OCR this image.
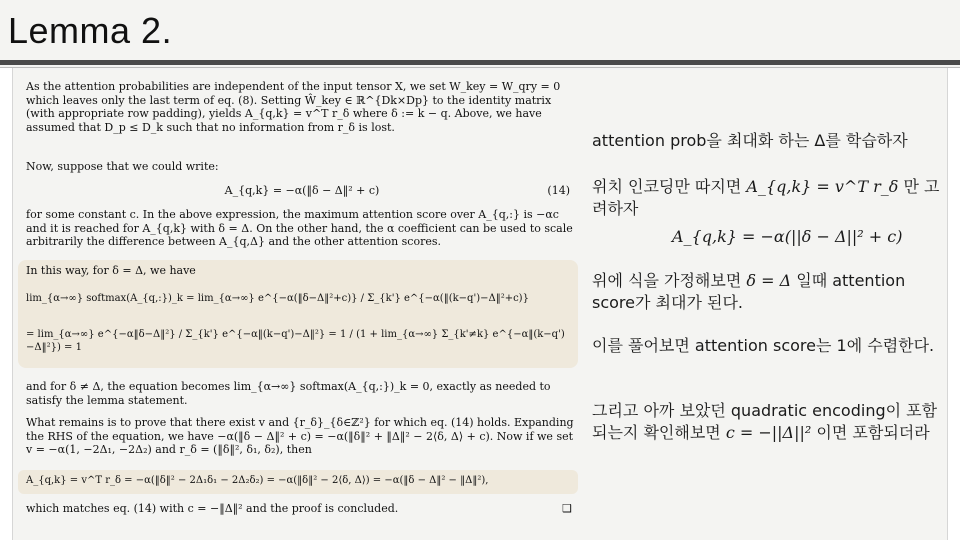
Lemma 2.

As the attention probabilities are independent of the input tensor X, we set W_key = W_qry = 0 which leaves only the last term of eq. (8). Setting Ŵ_key ∈ ℝ^{Dk×Dp} to the identity matrix (with appropriate row padding), yields A_{q,k} = v^T r_δ where δ := k − q. Above, we have assumed that D_p ≤ D_k such that no information from r_δ is lost.

Now, suppose that we could write:

A_{q,k} = −α(‖δ − Δ‖² + c)	(14)

for some constant c. In the above expression, the maximum attention score over A_{q,:} is −αc and it is reached for A_{q,k} with δ = Δ. On the other hand, the α coefficient can be used to scale arbitrarily the difference between A_{q,Δ} and the other attention scores.

In this way, for δ = Δ, we have

lim_{α→∞} softmax(A_{q,:})_k = lim_{α→∞} e^{−α(‖δ−Δ‖²+c)} / Σ_{k'} e^{−α(‖(k−q')−Δ‖²+c)}
= lim_{α→∞} e^{−α‖δ−Δ‖²} / Σ_{k'} e^{−α‖(k−q')−Δ‖²} = 1 / (1 + lim_{α→∞} Σ_{k'≠k} e^{−α‖(k−q')−Δ‖²}) = 1

and for δ ≠ Δ, the equation becomes lim_{α→∞} softmax(A_{q,:})_k = 0, exactly as needed to satisfy the lemma statement.

What remains is to prove that there exist v and {r_δ}_{δ∈ℤ²} for which eq. (14) holds. Expanding the RHS of the equation, we have −α(‖δ − Δ‖² + c) = −α(‖δ‖² + ‖Δ‖² − 2⟨δ, Δ⟩ + c). Now if we set v = −α(1, −2Δ₁, −2Δ₂) and r_δ = (‖δ‖², δ₁, δ₂), then

A_{q,k} = v^T r_δ = −α(‖δ‖² − 2Δ₁δ₁ − 2Δ₂δ₂) = −α(‖δ‖² − 2⟨δ, Δ⟩) = −α(‖δ − Δ‖² − ‖Δ‖²),

which matches eq. (14) with c = −‖Δ‖² and the proof is concluded.	❑

attention prob을 최대화 하는 Δ를 학습하자

위치 인코딩만 따지면 A_{q,k} = v^T r_δ 만 고려하자

A_{q,k} = −α(||δ − Δ||² + c)

위에 식을 가정해보면 δ = Δ 일때 attention score가 최대가 된다.

이를 풀어보면 attention score는 1에 수렴한다.

그리고 아까 보았던 quadratic encoding이 포함되는지 확인해보면 c = −||Δ||² 이면 포함되더라
